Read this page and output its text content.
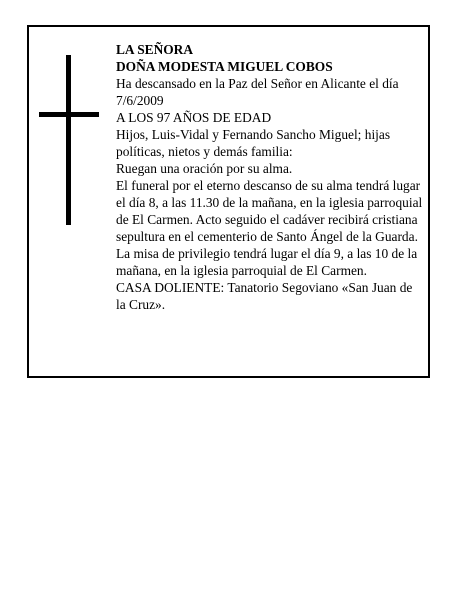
LA SEÑORA

DOÑA MODESTA MIGUEL COBOS

Ha descansado en la Paz del Señor en Alicante el día 7/6/2009

A LOS 97 AÑOS DE EDAD

Hijos, Luis-Vidal y Fernando Sancho Miguel; hijas políticas, nietos y demás familia:

Ruegan una oración por su alma.

El funeral por el eterno descanso de su alma tendrá lugar el día 8, a las 11.30 de la mañana, en la iglesia parroquial de El Carmen. Acto seguido el cadáver recibirá cristiana sepultura en el cementerio de Santo Ángel de la Guarda. La misa de privilegio tendrá lugar el día 9, a las 10 de la mañana, en la iglesia parroquial de El Carmen.

CASA DOLIENTE: Tanatorio Segoviano «San Juan de la Cruz».
